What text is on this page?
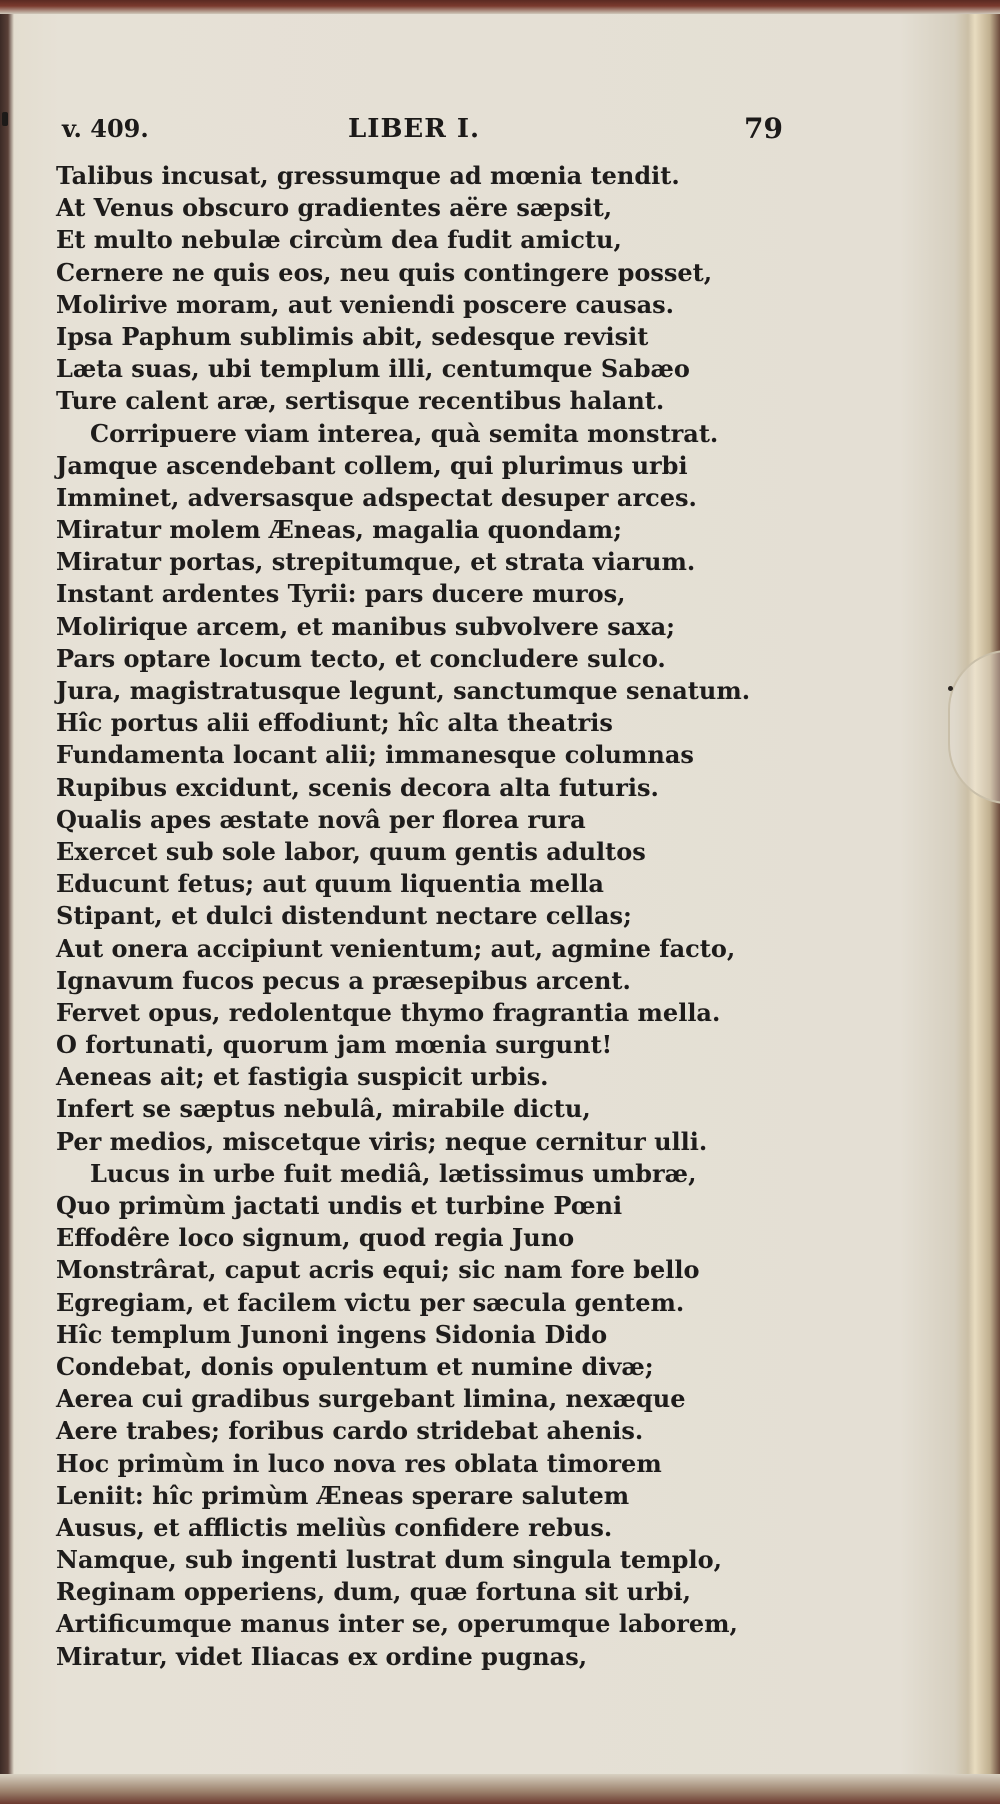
v. 409.	LIBER I.	79
Talibus incusat, gressumque ad mœnia tendit.
At Venus obscuro gradientes aëre sæpsit,
Et multo nebulæ circùm dea fudit amictu,
Cernere ne quis eos, neu quis contingere posset,
Molirive moram, aut veniendi poscere causas.
Ipsa Paphum sublimis abit, sedesque revisit
Læta suas, ubi templum illi, centumque Sabæo
Ture calent aræ, sertisque recentibus halant.
Corripuere viam interea, quà semita monstrat.
Jamque ascendebant collem, qui plurimus urbi
Imminet, adversasque adspectat desuper arces.
Miratur molem Æneas, magalia quondam;
Miratur portas, strepitumque, et strata viarum.
Instant ardentes Tyrii: pars ducere muros,
Molirique arcem, et manibus subvolvere saxa;
Pars optare locum tecto, et concludere sulco.
Jura, magistratusque legunt, sanctumque senatum.
Hîc portus alii effodiunt; hîc alta theatris
Fundamenta locant alii; immanesque columnas
Rupibus excidunt, scenis decora alta futuris.
Qualis apes æstate novâ per florea rura
Exercet sub sole labor, quum gentis adultos
Educunt fetus; aut quum liquentia mella
Stipant, et dulci distendunt nectare cellas;
Aut onera accipiunt venientum; aut, agmine facto,
Ignavum fucos pecus a præsepibus arcent.
Fervet opus, redolentque thymo fragrantia mella.
O fortunati, quorum jam mœnia surgunt!
Aeneas ait; et fastigia suspicit urbis.
Infert se sæptus nebulâ, mirabile dictu,
Per medios, miscetque viris; neque cernitur ulli.
Lucus in urbe fuit mediâ, lætissimus umbræ,
Quo primùm jactati undis et turbine Pœni
Effodêre loco signum, quod regia Juno
Monstrârat, caput acris equi; sic nam fore bello
Egregiam, et facilem victu per sæcula gentem.
Hîc templum Junoni ingens Sidonia Dido
Condebat, donis opulentum et numine divæ;
Aerea cui gradibus surgebant limina, nexæque
Aere trabes; foribus cardo stridebat ahenis.
Hoc primùm in luco nova res oblata timorem
Leniit: hîc primùm Æneas sperare salutem
Ausus, et afflictis meliùs confidere rebus.
Namque, sub ingenti lustrat dum singula templo,
Reginam opperiens, dum, quæ fortuna sit urbi,
Artificumque manus inter se, operumque laborem,
Miratur, videt Iliacas ex ordine pugnas,
